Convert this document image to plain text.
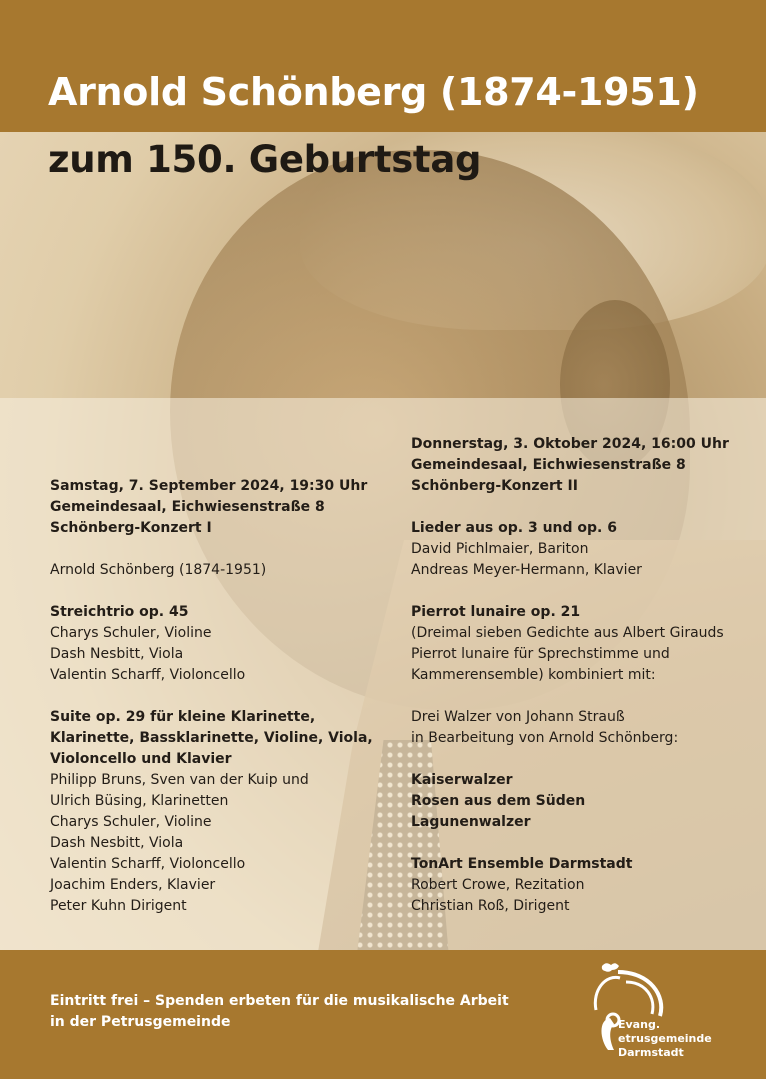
Arnold Schönberg (1874-1951)
zum 150. Geburtstag
Samstag, 7. September 2024, 19:30 Uhr
Gemeindesaal, Eichwiesenstraße 8
Schönberg-Konzert I
Arnold Schönberg (1874-1951)
Streichtrio op. 45
Charys Schuler, Violine
Dash Nesbitt, Viola
Valentin Scharff, Violoncello
Suite op. 29 für kleine Klarinette,
Klarinette, Bassklarinette, Violine, Viola,
Violoncello und Klavier
Philipp Bruns, Sven van der Kuip und
Ulrich Büsing, Klarinetten
Charys Schuler, Violine
Dash Nesbitt, Viola
Valentin Scharff, Violoncello
Joachim Enders, Klavier
Peter Kuhn Dirigent
Donnerstag, 3. Oktober 2024, 16:00 Uhr
Gemeindesaal, Eichwiesenstraße 8
Schönberg-Konzert II
Lieder aus op. 3 und op. 6
David Pichlmaier, Bariton
Andreas Meyer-Hermann, Klavier
Pierrot lunaire op. 21
(Dreimal sieben Gedichte aus Albert Girauds
Pierrot lunaire für Sprechstimme und
Kammerensemble) kombiniert mit:
Drei Walzer von Johann Strauß
in Bearbeitung von Arnold Schönberg:
Kaiserwalzer
Rosen aus dem Süden
Lagunenwalzer
TonArt Ensemble Darmstadt
Robert Crowe, Rezitation
Christian Roß, Dirigent
Eintritt frei – Spenden erbeten für die musikalische Arbeit
in der Petrusgemeinde	Evang.
etrusgemeinde
Darmstadt
